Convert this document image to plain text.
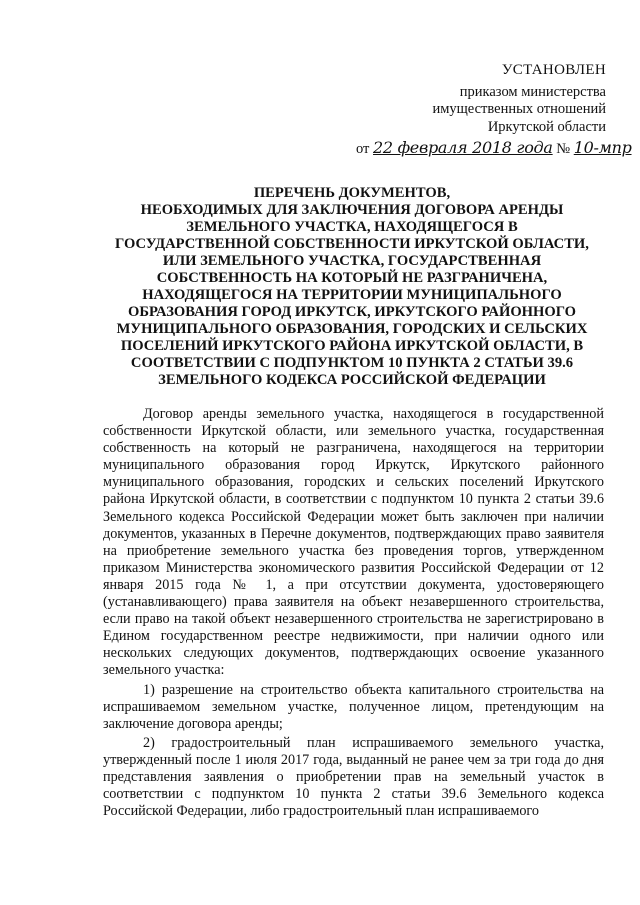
УСТАНОВЛЕН
приказом министерства
имущественных отношений
Иркутской области
от 22 февраля 2018 года № 10-мпр
ПЕРЕЧЕНЬ ДОКУМЕНТОВ,
НЕОБХОДИМЫХ ДЛЯ ЗАКЛЮЧЕНИЯ ДОГОВОРА АРЕНДЫ
ЗЕМЕЛЬНОГО УЧАСТКА, НАХОДЯЩЕГОСЯ В
ГОСУДАРСТВЕННОЙ СОБСТВЕННОСТИ ИРКУТСКОЙ ОБЛАСТИ,
ИЛИ ЗЕМЕЛЬНОГО УЧАСТКА, ГОСУДАРСТВЕННАЯ
СОБСТВЕННОСТЬ НА КОТОРЫЙ НЕ РАЗГРАНИЧЕНА,
НАХОДЯЩЕГОСЯ НА ТЕРРИТОРИИ МУНИЦИПАЛЬНОГО
ОБРАЗОВАНИЯ ГОРОД ИРКУТСК, ИРКУТСКОГО РАЙОННОГО
МУНИЦИПАЛЬНОГО ОБРАЗОВАНИЯ, ГОРОДСКИХ И СЕЛЬСКИХ
ПОСЕЛЕНИЙ ИРКУТСКОГО РАЙОНА ИРКУТСКОЙ ОБЛАСТИ, В
СООТВЕТСТВИИ С ПОДПУНКТОМ 10 ПУНКТА 2 СТАТЬИ 39.6
ЗЕМЕЛЬНОГО КОДЕКСА РОССИЙСКОЙ ФЕДЕРАЦИИ

Договор аренды земельного участка, находящегося в государственной собственности Иркутской области, или земельного участка, государственная собственность на который не разграничена, находящегося на территории муниципального образования город Иркутск, Иркутского районного муниципального образования, городских и сельских поселений Иркутского района Иркутской области, в соответствии с подпунктом 10 пункта 2 статьи 39.6 Земельного кодекса Российской Федерации может быть заключен при наличии документов, указанных в Перечне документов, подтверждающих право заявителя на приобретение земельного участка без проведения торгов, утвержденном приказом Министерства экономического развития Российской Федерации от 12 января 2015 года № 1, а при отсутствии документа, удостоверяющего (устанавливающего) права заявителя на объект незавершенного строительства, если право на такой объект незавершенного строительства не зарегистрировано в Едином государственном реестре недвижимости, при наличии одного или нескольких следующих документов, подтверждающих освоение указанного земельного участка:

1) разрешение на строительство объекта капитального строительства на испрашиваемом земельном участке, полученное лицом, претендующим на заключение договора аренды;

2) градостроительный план испрашиваемого земельного участка, утвержденный после 1 июля 2017 года, выданный не ранее чем за три года до дня представления заявления о приобретении прав на земельный участок в соответствии с подпунктом 10 пункта 2 статьи 39.6 Земельного кодекса Российской Федерации, либо градостроительный план испрашиваемого
